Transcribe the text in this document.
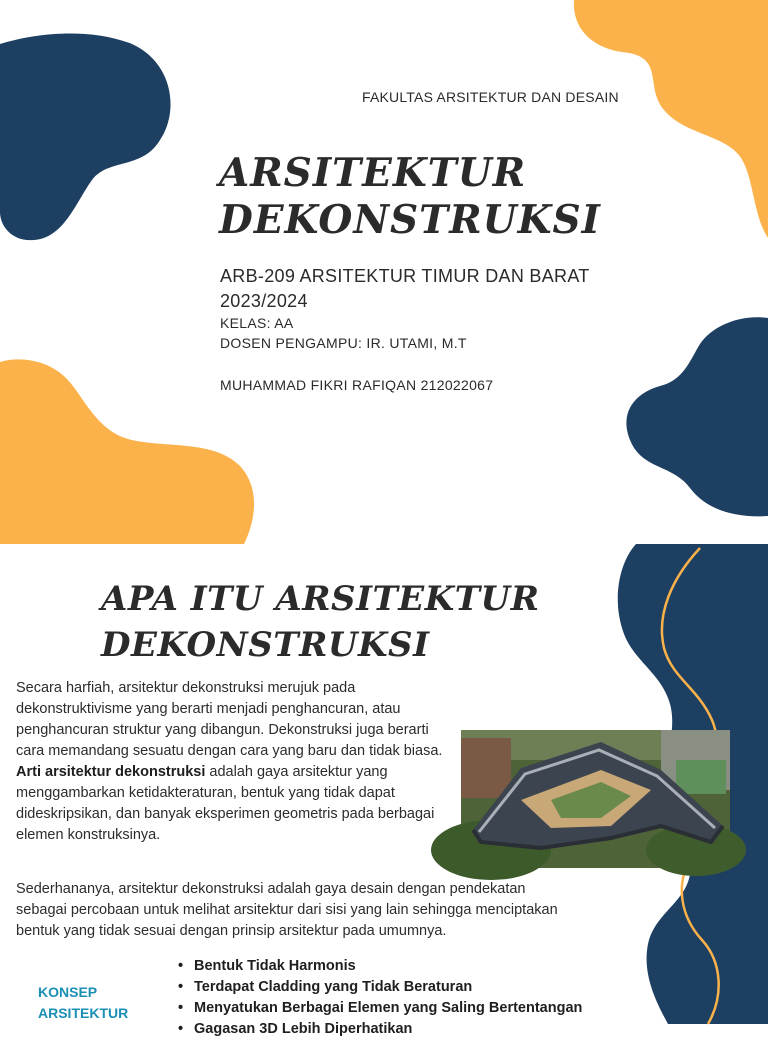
FAKULTAS ARSITEKTUR DAN DESAIN
ARSITEKTUR
DEKONSTRUKSI
ARB-209 ARSITEKTUR TIMUR DAN BARAT 2023/2024
KELAS: AA
DOSEN PENGAMPU: IR. UTAMI, M.T
MUHAMMAD FIKRI RAFIQAN 212022067
APA ITU ARSITEKTUR
DEKONSTRUKSI
Secara harfiah, arsitektur dekonstruksi merujuk pada dekonstruktivisme yang berarti menjadi penghancuran, atau penghancuran struktur yang dibangun. Dekonstruksi juga berarti cara memandang sesuatu dengan cara yang baru dan tidak biasa.
Arti arsitektur dekonstruksi adalah gaya arsitektur yang menggambarkan ketidakteraturan, bentuk yang tidak dapat dideskripsikan, dan banyak eksperimen geometris pada berbagai elemen konstruksinya.
Sederhananya, arsitektur dekonstruksi adalah gaya desain dengan pendekatan sebagai percobaan untuk melihat arsitektur dari sisi yang lain sehingga menciptakan bentuk yang tidak sesuai dengan prinsip arsitektur pada umumnya.
KONSEP
ARSITEKTUR
• Bentuk Tidak Harmonis
• Terdapat Cladding yang Tidak Beraturan
• Menyatukan Berbagai Elemen yang Saling Bertentangan
• Gagasan 3D Lebih Diperhatikan
